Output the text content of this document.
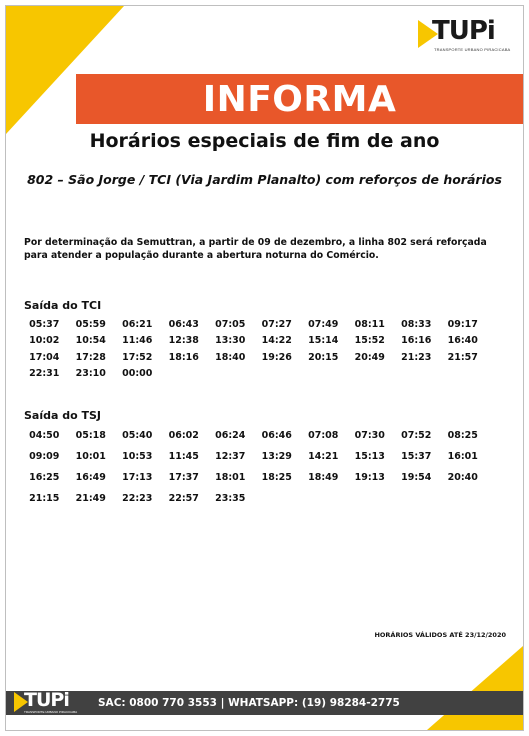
TUPi
TRANSPORTE URBANO PIRACICABA
INFORMA
Horários especiais de fim de ano
802 – São Jorge / TCI (Via Jardim Planalto) com reforços de horários
Por determinação da Semuttran, a partir de 09 de dezembro, a linha 802 será reforçada para atender a população durante a abertura noturna do Comércio.
Saída do TCI
05:37	05:59	06:21	06:43	07:05	07:27	07:49	08:11	08:33	09:17
10:02	10:54	11:46	12:38	13:30	14:22	15:14	15:52	16:16	16:40
17:04	17:28	17:52	18:16	18:40	19:26	20:15	20:49	21:23	21:57
22:31	23:10	00:00
Saída do TSJ
04:50	05:18	05:40	06:02	06:24	06:46	07:08	07:30	07:52	08:25
09:09	10:01	10:53	11:45	12:37	13:29	14:21	15:13	15:37	16:01
16:25	16:49	17:13	17:37	18:01	18:25	18:49	19:13	19:54	20:40
21:15	21:49	22:23	22:57	23:35
HORÁRIOS VÁLIDOS ATÉ 23/12/2020
SAC: 0800 770 3553 | WHATSAPP: (19) 98284-2775
TUPi
TRANSPORTE URBANO PIRACICABA
